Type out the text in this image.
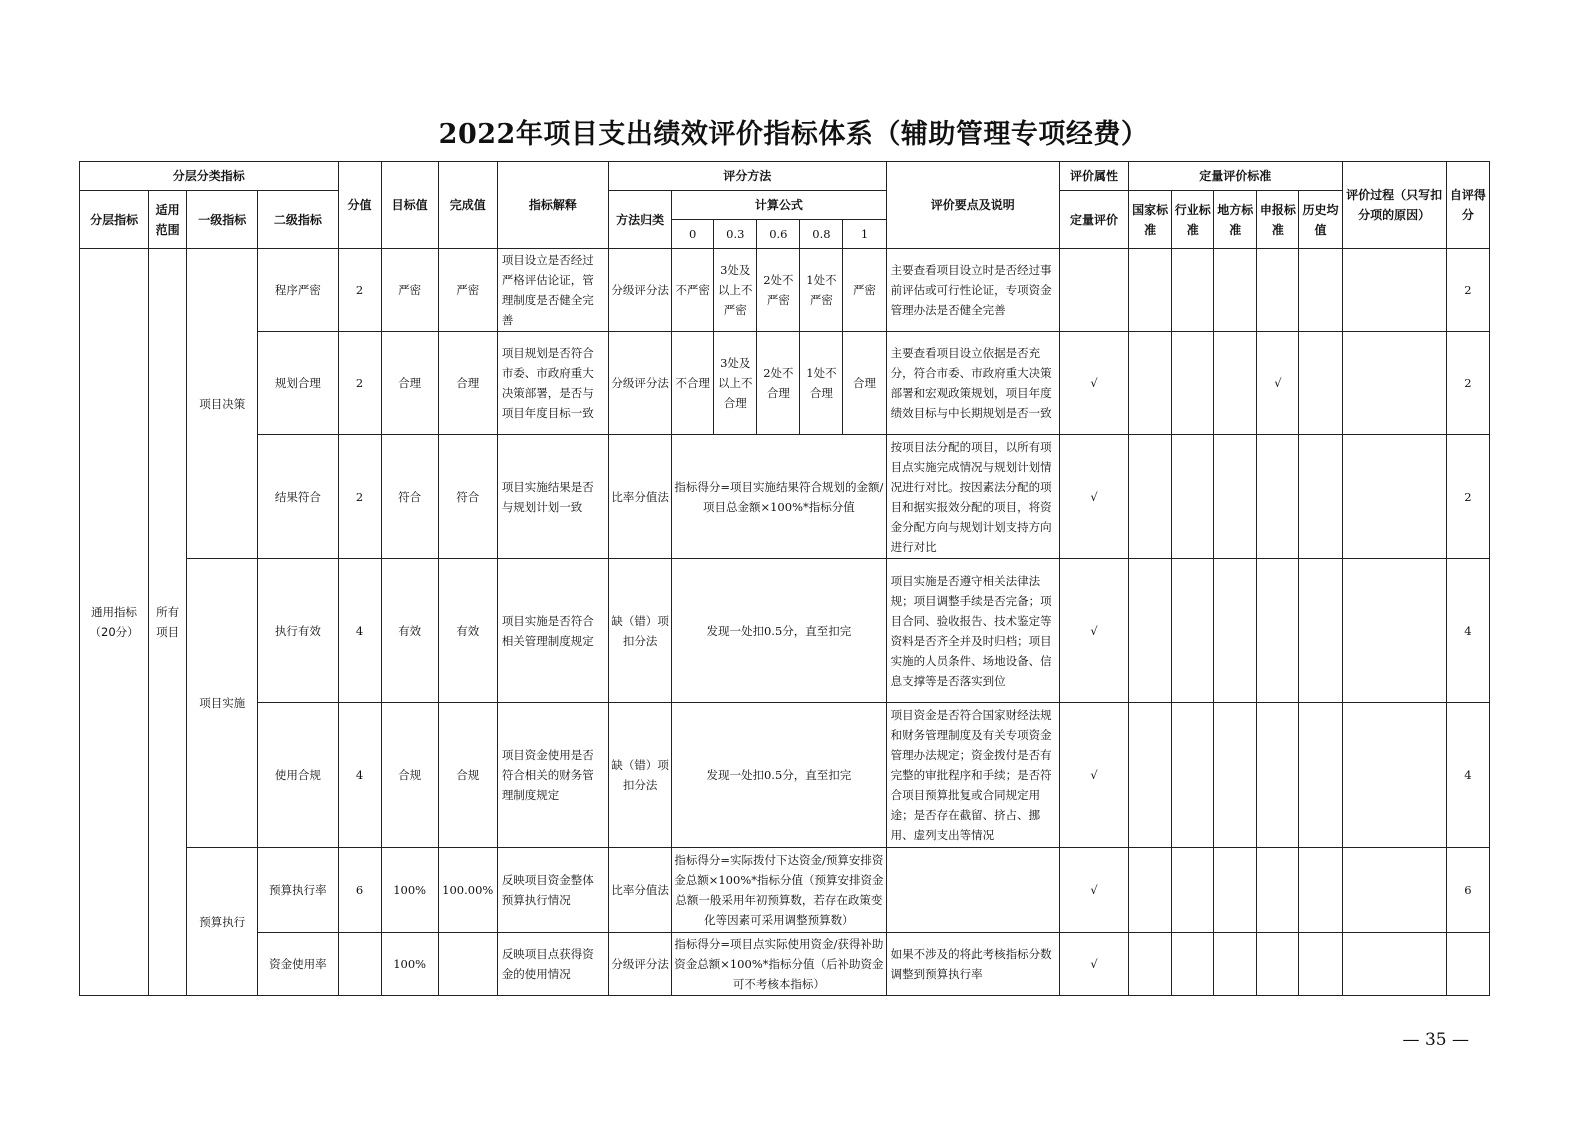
2022年项目支出绩效评价指标体系（辅助管理专项经费）
分层分类指标				分值	目标值	完成值	指标解释	评分方法						评价要点及说明	评价属性	定量评价标准					评价过程（只写扣分项的原因）	自评得分
分层指标	适用范围	一级指标	二级指标					方法归类	计算公式						定量评价	国家标准	行业标准	地方标准	申报标准	历史均值		
									0	0.3	0.6	0.8	1									
通用指标（20分）	所有项目	项目决策	程序严密	2	严密	严密	项目设立是否经过严格评估论证，管理制度是否健全完善	分级评分法	不严密	3处及以上不严密	2处不严密	1处不严密	严密	主要查看项目设立时是否经过事前评估或可行性论证，专项资金管理办法是否健全完善								2
			规划合理	2	合理	合理	项目规划是否符合市委、市政府重大决策部署，是否与项目年度目标一致	分级评分法	不合理	3处及以上不合理	2处不合理	1处不合理	合理	主要查看项目设立依据是否充分，符合市委、市政府重大决策部署和宏观政策规划，项目年度绩效目标与中长期规划是否一致	√				√			2
			结果符合	2	符合	符合	项目实施结果是否与规划计划一致	比率分值法	指标得分=项目实施结果符合规划的金额/项目总金额×100%*指标分值					按项目法分配的项目，以所有项目点实施完成情况与规划计划情况进行对比。按因素法分配的项目和据实报效分配的项目，将资金分配方向与规划计划支持方向进行对比	√							2
		项目实施	执行有效	4	有效	有效	项目实施是否符合相关管理制度规定	缺（错）项扣分法	发现一处扣0.5分，直至扣完					项目实施是否遵守相关法律法规；项目调整手续是否完备；项目合同、验收报告、技术鉴定等资料是否齐全并及时归档；项目实施的人员条件、场地设备、信息支撑等是否落实到位	√							4
			使用合规	4	合规	合规	项目资金使用是否符合相关的财务管理制度规定	缺（错）项扣分法	发现一处扣0.5分，直至扣完					项目资金是否符合国家财经法规和财务管理制度及有关专项资金管理办法规定；资金拨付是否有完整的审批程序和手续；是否符合项目预算批复或合同规定用途；是否存在截留、挤占、挪用、虚列支出等情况	√							4
		预算执行	预算执行率	6	100%	100.00%	反映项目资金整体预算执行情况	比率分值法	指标得分=实际拨付下达资金/预算安排资金总额×100%*指标分值（预算安排资金总额一般采用年初预算数，若存在政策变化等因素可采用调整预算数）						√							6
			资金使用率		100%		反映项目点获得资金的使用情况	分级评分法	指标得分=项目点实际使用资金/获得补助资金总额×100%*指标分值（后补助资金可不考核本指标）					如果不涉及的将此考核指标分数调整到预算执行率	√							
— 35 —
